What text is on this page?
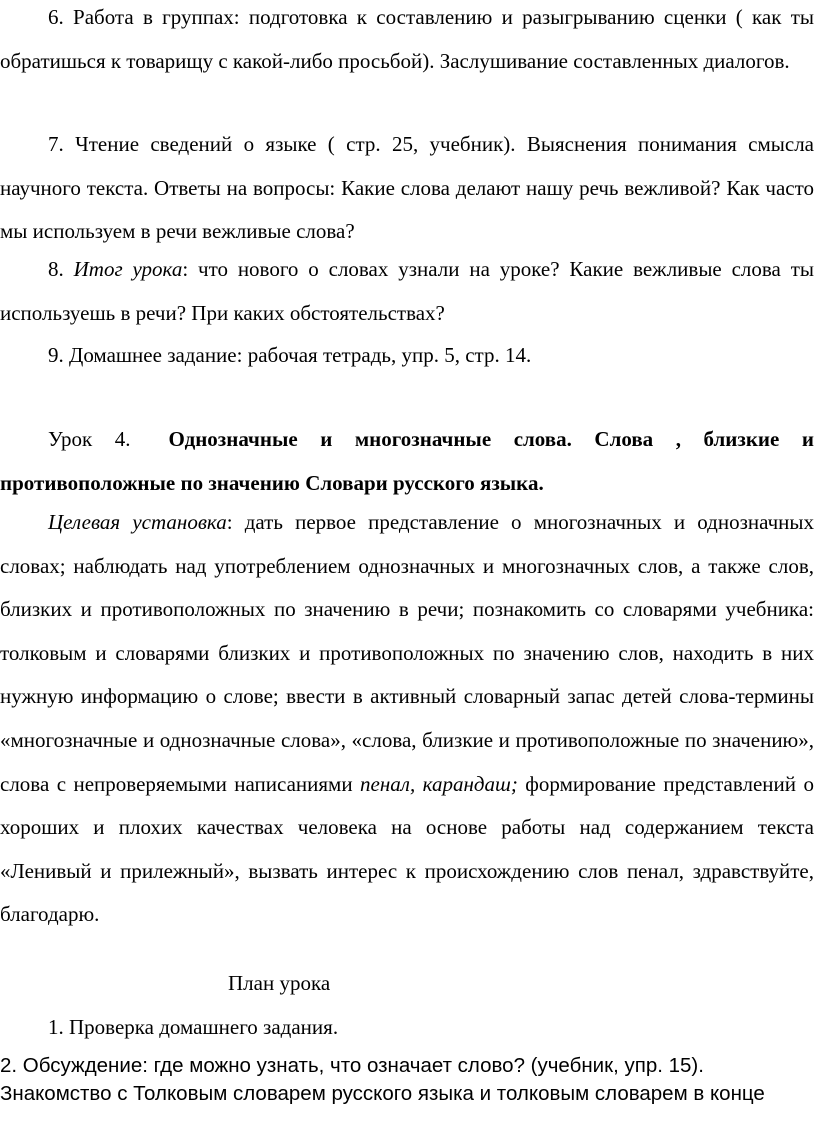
6. Работа в группах: подготовка к составлению и разыгрыванию сценки ( как ты обратишься к товарищу с какой-либо просьбой). Заслушивание составленных диалогов.

7. Чтение сведений о языке ( стр. 25, учебник). Выяснения понимания смысла научного текста. Ответы на вопросы: Какие слова делают нашу речь вежливой? Как часто мы используем в речи вежливые слова?

8. Итог урока: что нового о словах узнали на уроке? Какие вежливые слова ты используешь в речи? При каких обстоятельствах?

9. Домашнее задание: рабочая тетрадь, упр. 5, стр. 14.

Урок 4. Однозначные и многозначные слова. Слова , близкие и противоположные по значению Словари русского языка.

Целевая установка: дать первое представление о многозначных и однозначных словах; наблюдать над употреблением однозначных и многозначных слов, а также слов, близких и противоположных по значению в речи; познакомить со словарями учебника: толковым и словарями близких и противоположных по значению слов, находить в них нужную информацию о слове; ввести в активный словарный запас детей слова-термины «многозначные и однозначные слова», «слова, близкие и противоположные по значению», слова с непроверяемыми написаниями пенал, карандаш; формирование представлений о хороших и плохих качествах человека на основе работы над содержанием текста «Ленивый и прилежный», вызвать интерес к происхождению слов пенал, здравствуйте, благодарю.

План урока

1. Проверка домашнего задания.

2. Обсуждение: где можно узнать, что означает слово? (учебник, упр. 15). Знакомство с Толковым словарем русского языка и толковым словарем в конце
